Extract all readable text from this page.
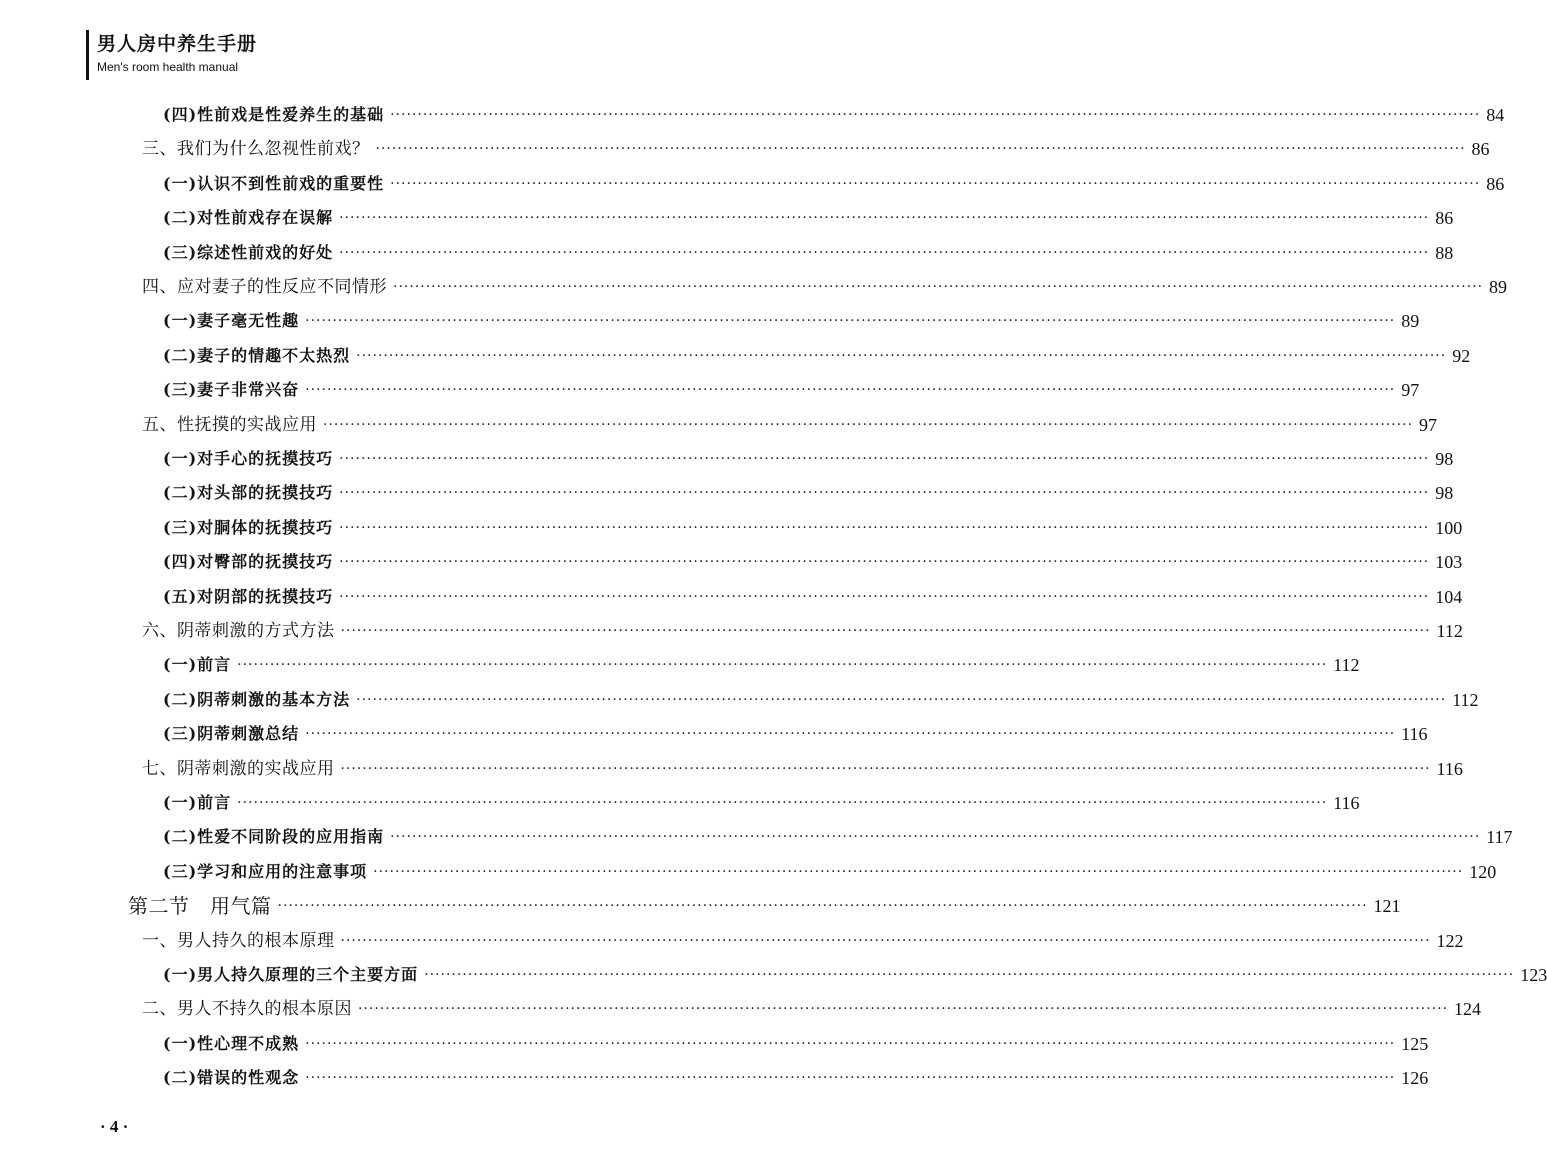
男人房中养生手册
Men's room health manual
(四)性前戏是性爱养生的基础 ········································································································································································································ 84
三、我们为什么忽视性前戏？ ········································································································································································································ 86
(一)认识不到性前戏的重要性 ········································································································································································································ 86
(二)对性前戏存在误解 ········································································································································································································ 86
(三)综述性前戏的好处 ········································································································································································································ 88
四、应对妻子的性反应不同情形 ········································································································································································································ 89
(一)妻子毫无性趣 ········································································································································································································ 89
(二)妻子的情趣不太热烈 ········································································································································································································ 92
(三)妻子非常兴奋 ········································································································································································································ 97
五、性抚摸的实战应用 ········································································································································································································ 97
(一)对手心的抚摸技巧 ········································································································································································································ 98
(二)对头部的抚摸技巧 ········································································································································································································ 98
(三)对胴体的抚摸技巧 ········································································································································································································ 100
(四)对臀部的抚摸技巧 ········································································································································································································ 103
(五)对阴部的抚摸技巧 ········································································································································································································ 104
六、阴蒂刺激的方式方法 ········································································································································································································ 112
(一)前言 ········································································································································································································ 112
(二)阴蒂刺激的基本方法 ········································································································································································································ 112
(三)阴蒂刺激总结 ········································································································································································································ 116
七、阴蒂刺激的实战应用 ········································································································································································································ 116
(一)前言 ········································································································································································································ 116
(二)性爱不同阶段的应用指南 ········································································································································································································ 117
(三)学习和应用的注意事项 ········································································································································································································ 120
第二节　用气篇 ········································································································································································································ 121
一、男人持久的根本原理 ········································································································································································································ 122
(一)男人持久原理的三个主要方面 ········································································································································································································ 123
二、男人不持久的根本原因 ········································································································································································································ 124
(一)性心理不成熟 ········································································································································································································ 125
(二)错误的性观念 ········································································································································································································ 126
· 4 ·
